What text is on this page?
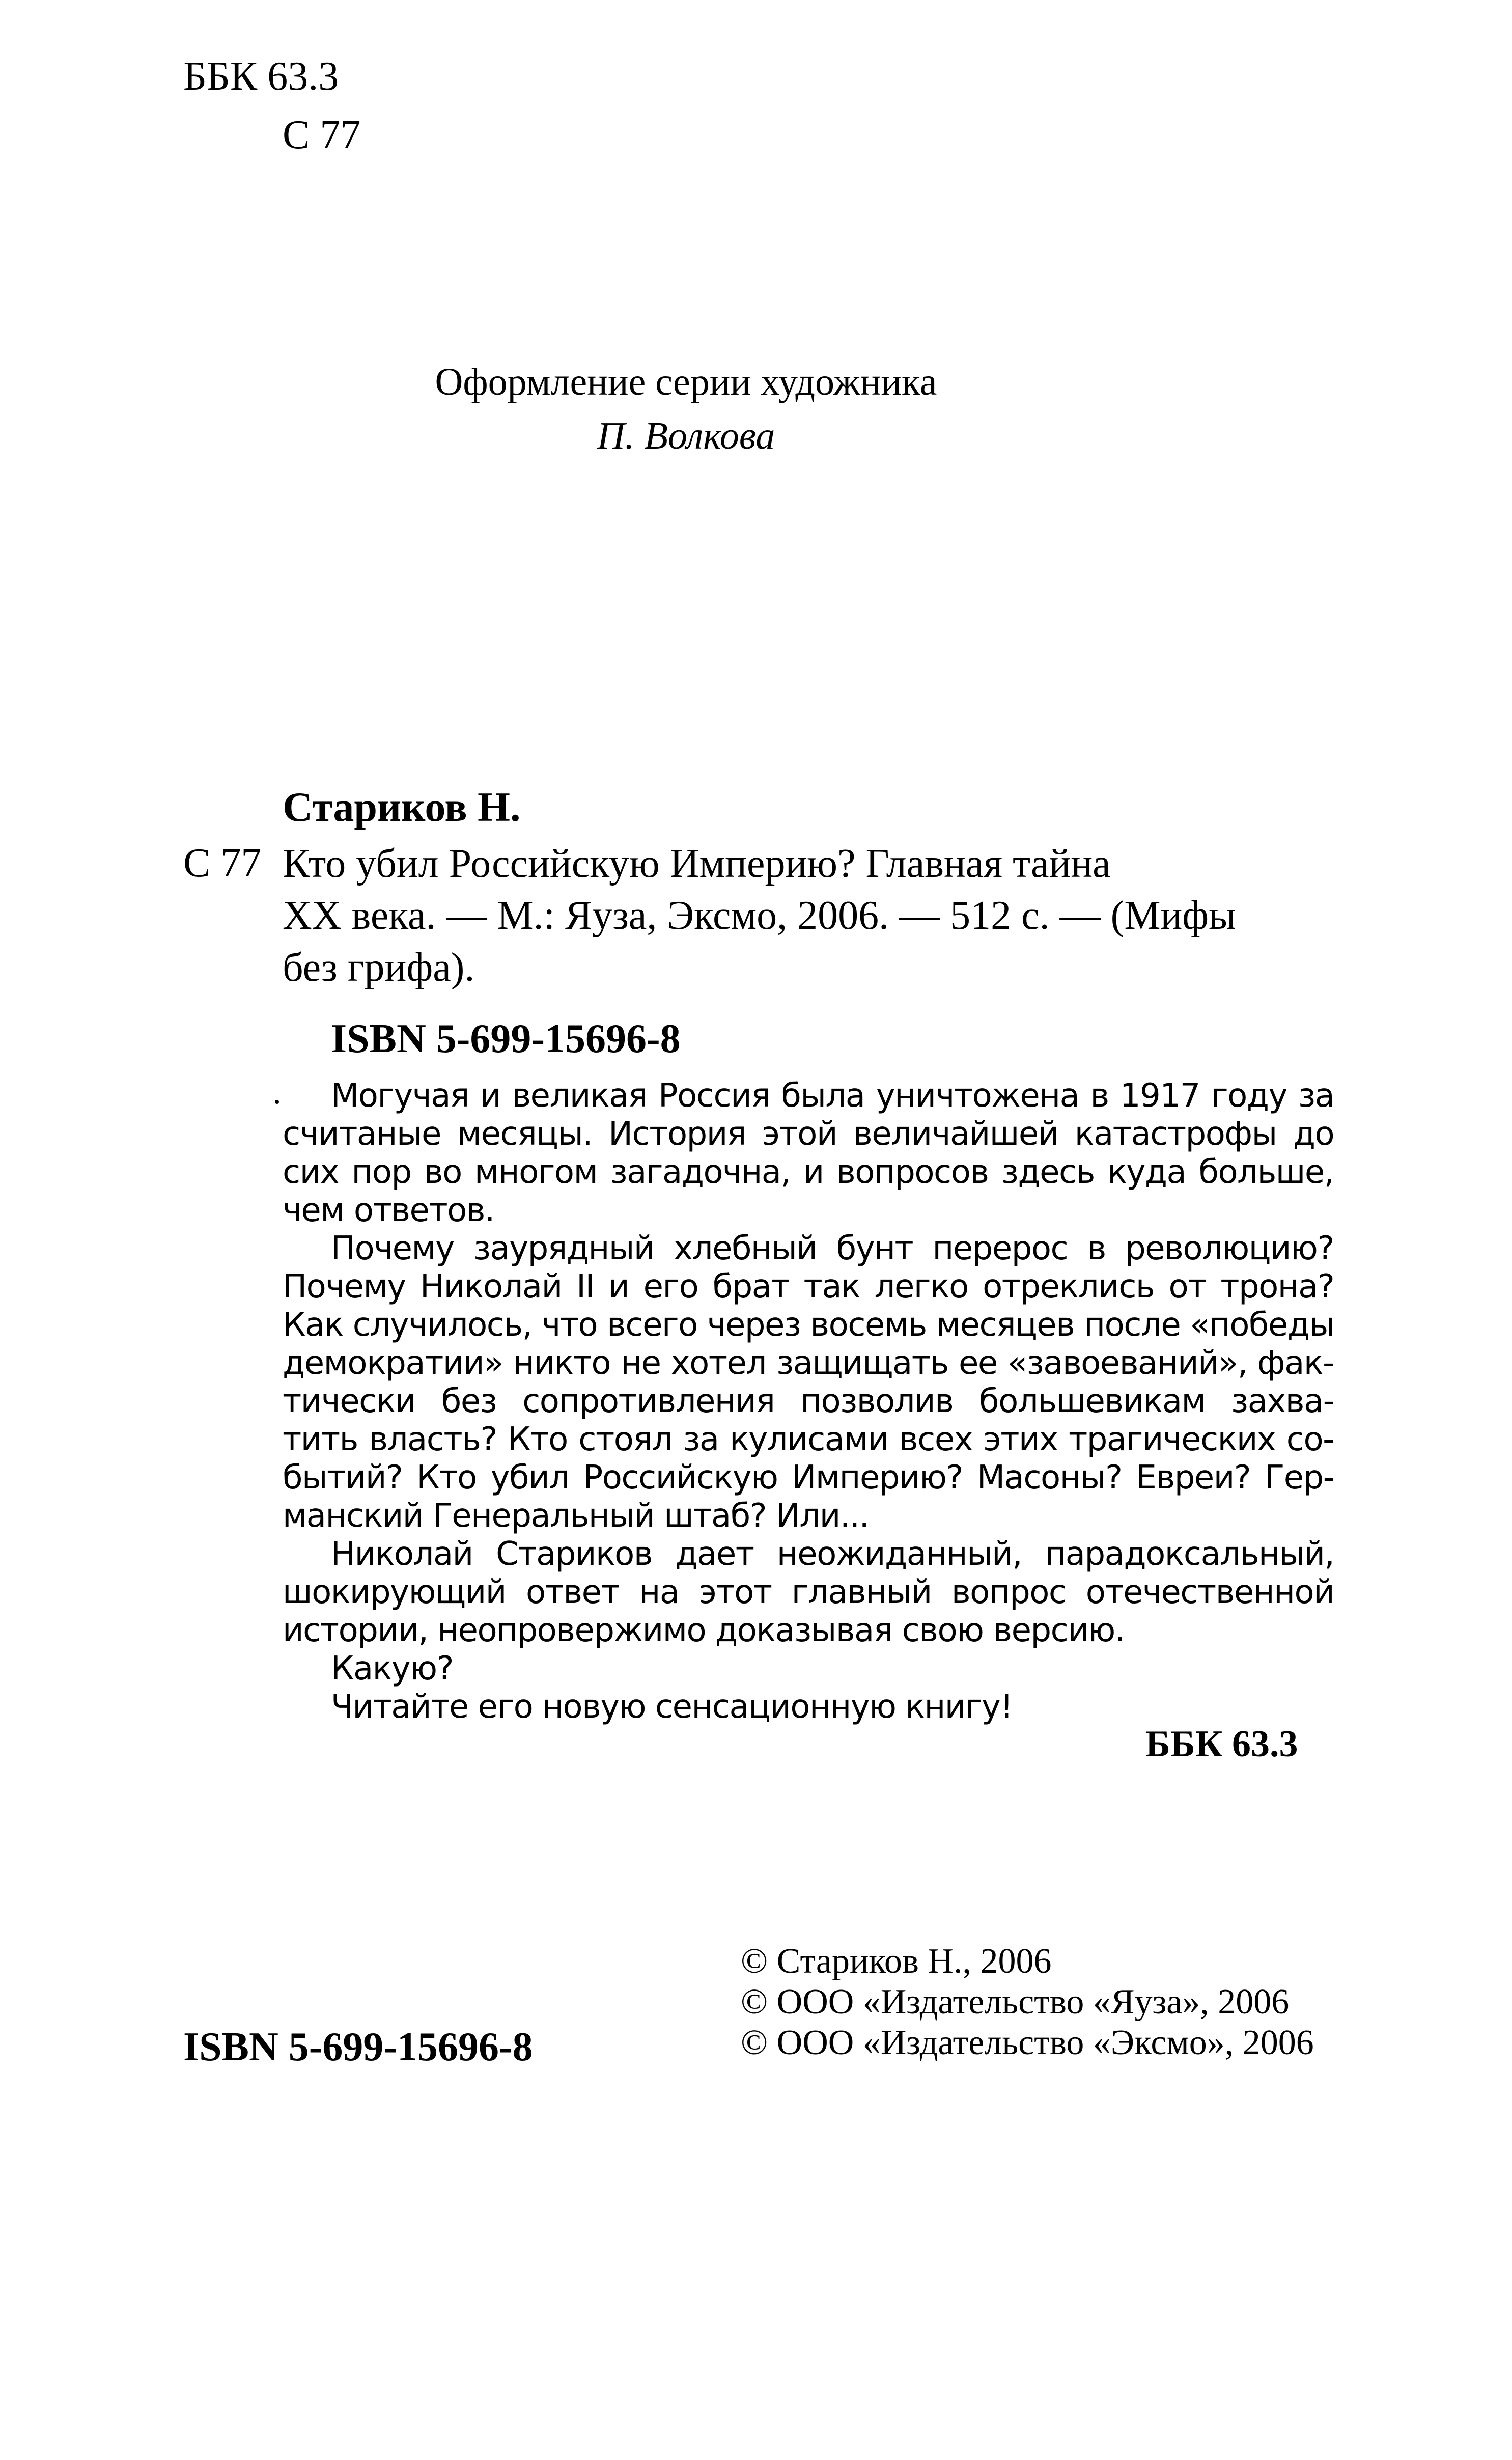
ББК 63.3
С 77
Оформление серии художника
П. Волкова
Стариков Н.
С 77 Кто убил Российскую Империю? Главная тайна
XX века. — М.: Яуза, Эксмо, 2006. — 512 с. — (Мифы
без грифа).
ISBN 5-699-15696-8
Могучая и великая Россия была уничтожена в 1917 году за
считаные месяцы. История этой величайшей катастрофы до
сих пор во многом загадочна, и вопросов здесь куда больше,
чем ответов.
Почему заурядный хлебный бунт перерос в революцию?
Почему Николай II и его брат так легко отреклись от трона?
Как случилось, что всего через восемь месяцев после «победы
демократии» никто не хотел защищать ее «завоеваний», фак-
тически без сопротивления позволив большевикам захва-
тить власть? Кто стоял за кулисами всех этих трагических со-
бытий? Кто убил Российскую Империю? Масоны? Евреи? Гер-
манский Генеральный штаб? Или...
Николай Стариков дает неожиданный, парадоксальный,
шокирующий ответ на этот главный вопрос отечественной
истории, неопровержимо доказывая свою версию.
Какую?
Читайте его новую сенсационную книгу!
ББК 63.3
© Стариков Н., 2006
© ООО «Издательство «Яуза», 2006
© ООО «Издательство «Эксмо», 2006
ISBN 5-699-15696-8
